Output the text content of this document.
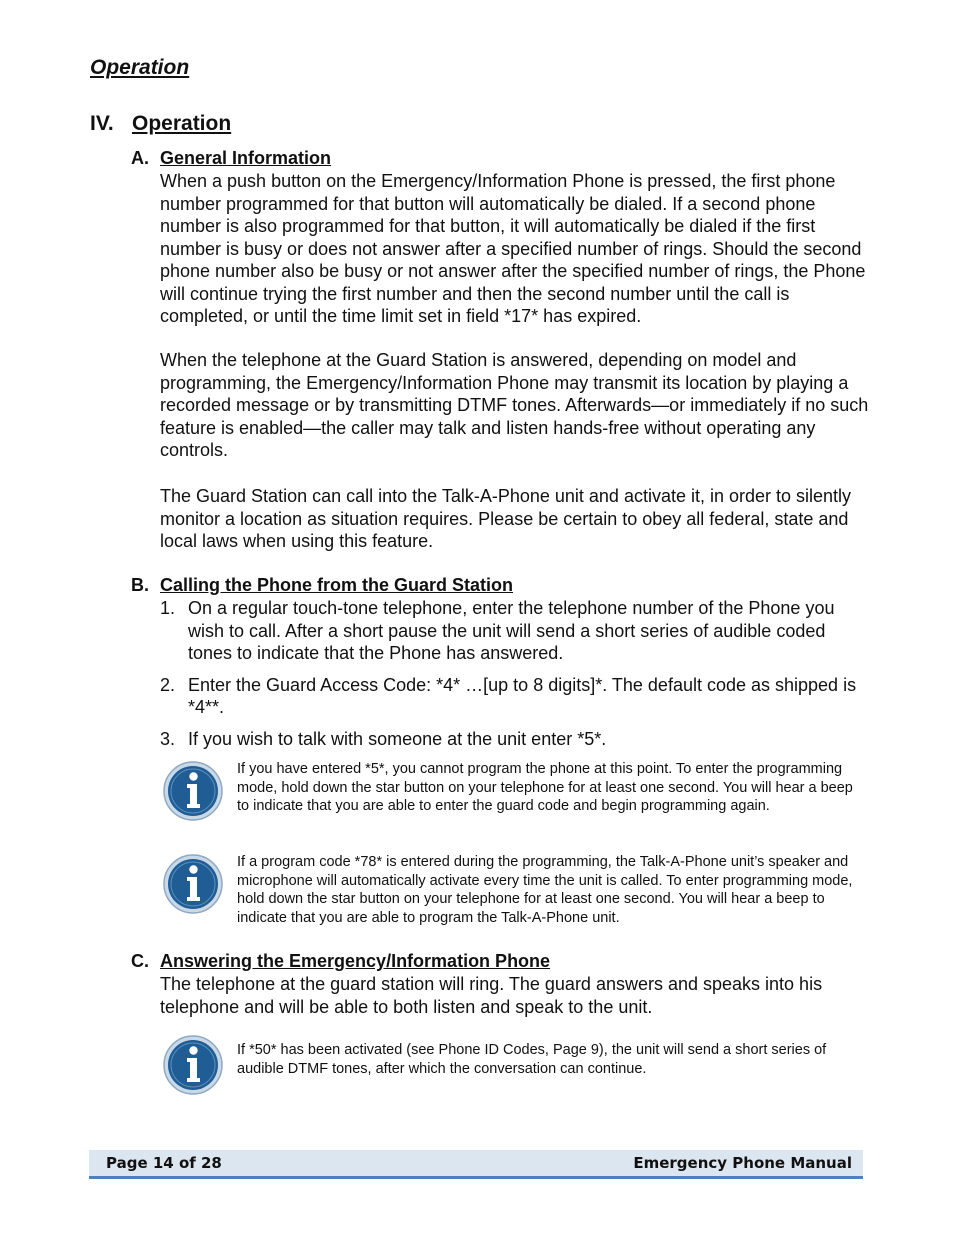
Operation
IV. Operation
A. General Information

When a push button on the Emergency/Information Phone is pressed, the first phone number programmed for that button will automatically be dialed. If a second phone number is also programmed for that button, it will automatically be dialed if the first number is busy or does not answer after a specified number of rings. Should the second phone number also be busy or not answer after the specified number of rings, the Phone will continue trying the first number and then the second number until the call is completed, or until the time limit set in field *17* has expired.

When the telephone at the Guard Station is answered, depending on model and programming, the Emergency/Information Phone may transmit its location by playing a recorded message or by transmitting DTMF tones. Afterwards—or immediately if no such feature is enabled—the caller may talk and listen hands-free without operating any controls.

The Guard Station can call into the Talk-A-Phone unit and activate it, in order to silently monitor a location as situation requires. Please be certain to obey all federal, state and local laws when using this feature.

B. Calling the Phone from the Guard Station
1. On a regular touch-tone telephone, enter the telephone number of the Phone you wish to call. After a short pause the unit will send a short series of audible coded tones to indicate that the Phone has answered.
2. Enter the Guard Access Code: *4* …[up to 8 digits]*. The default code as shipped is *4**.
3. If you wish to talk with someone at the unit enter *5*.

If you have entered *5*, you cannot program the phone at this point. To enter the programming mode, hold down the star button on your telephone for at least one second. You will hear a beep to indicate that you are able to enter the guard code and begin programming again.

If a program code *78* is entered during the programming, the Talk-A-Phone unit’s speaker and microphone will automatically activate every time the unit is called. To enter programming mode, hold down the star button on your telephone for at least one second. You will hear a beep to indicate that you are able to program the Talk-A-Phone unit.

C. Answering the Emergency/Information Phone

The telephone at the guard station will ring. The guard answers and speaks into his telephone and will be able to both listen and speak to the unit.

If *50* has been activated (see Phone ID Codes, Page 9), the unit will send a short series of audible DTMF tones, after which the conversation can continue.

Page 14 of 28	Emergency Phone Manual
